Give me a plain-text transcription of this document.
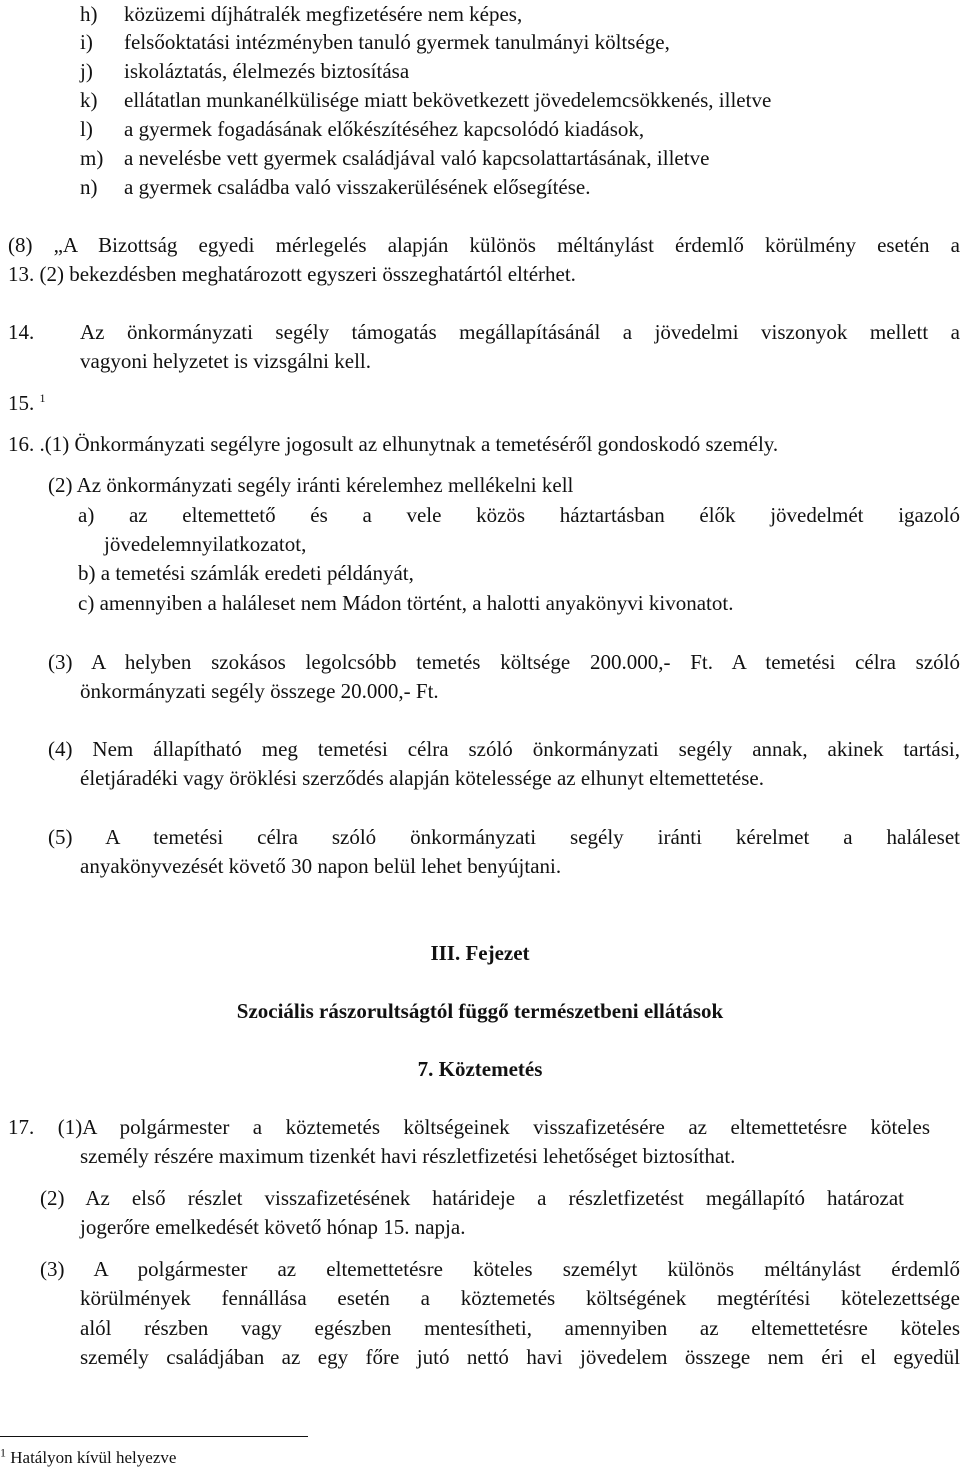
h) közüzemi díjhátralék megfizetésére nem képes,
i) felsőoktatási intézményben tanuló gyermek tanulmányi költsége,
j) iskoláztatás, élelmezés biztosítása
k) ellátatlan munkanélkülisége miatt bekövetkezett jövedelemcsökkenés, illetve
l) a gyermek fogadásának előkészítéséhez kapcsolódó kiadások,
m) a nevelésbe vett gyermek családjával való kapcsolattartásának, illetve
n) a gyermek családba való visszakerülésének elősegítése.
(8) „A Bizottság egyedi mérlegelés alapján különös méltánylást érdemlő körülmény esetén a
13. (2) bekezdésben meghatározott egyszeri összeghatártól eltérhet.
14. Az önkormányzati segély támogatás megállapításánál a jövedelmi viszonyok mellett a
vagyoni helyzetet is vizsgálni kell.
15. $^1$
16. .(1) Önkormányzati segélyre jogosult az elhunytnak a temetéséről gondoskodó személy.
(2) Az önkormányzati segély iránti kérelemhez mellékelni kell
a) az eltemettető és a vele közös háztartásban élők jövedelmét igazoló
jövedelemnyilatkozatot,
b) a temetési számlák eredeti példányát,
c) amennyiben a haláleset nem Mádon történt, a halotti anyakönyvi kivonatot.
(3) A helyben szokásos legolcsóbb temetés költsége 200.000,- Ft. A temetési célra szóló
önkormányzati segély összege 20.000,- Ft.
(4) Nem állapítható meg temetési célra szóló önkormányzati segély annak, akinek tartási,
életjáradéki vagy öröklési szerződés alapján kötelessége az elhunyt eltemettetése.
(5) A temetési célra szóló önkormányzati segély iránti kérelmet a haláleset
anyakönyvezését követő 30 napon belül lehet benyújtani.
III. Fejezet
Szociális rászorultságtól függő természetbeni ellátások
7. Köztemetés
17. (1)A polgármester a köztemetés költségeinek visszafizetésére az eltemettetésre köteles
személy részére maximum tizenkét havi részletfizetési lehetőséget biztosíthat.
(2) Az első részlet visszafizetésének határideje a részletfizetést megállapító határozat
jogerőre emelkedését követő hónap 15. napja.
(3) A polgármester az eltemettetésre köteles személyt különös méltánylást érdemlő
körülmények fennállása esetén a köztemetés költségének megtérítési kötelezettsége
alól részben vagy egészben mentesítheti, amennyiben az eltemettetésre köteles
személy családjában az egy főre jutó nettó havi jövedelem összege nem éri el egyedül
$^1$ Hatályon kívül helyezve
